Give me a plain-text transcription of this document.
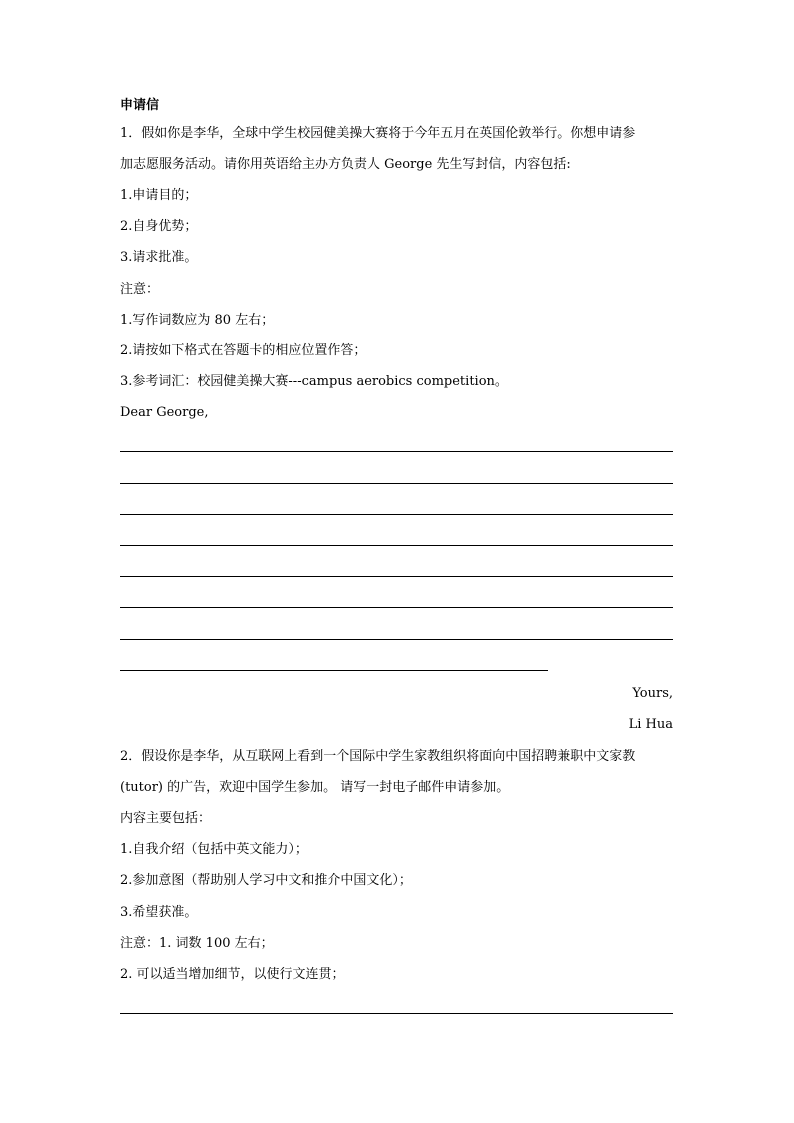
申请信
1．假如你是李华，全球中学生校园健美操大赛将于今年五月在英国伦敦举行。你想申请参
加志愿服务活动。请你用英语给主办方负责人 George 先生写封信，内容包括:
1.申请目的；
2.自身优势；
3.请求批准。
注意：
1.写作词数应为 80 左右；
2.请按如下格式在答题卡的相应位置作答；
3.参考词汇：校园健美操大赛---campus aerobics competition。
Dear George,
Yours,
Li Hua
2．假设你是李华，从互联网上看到一个国际中学生家教组织将面向中国招聘兼职中文家教
(tutor) 的广告，欢迎中国学生参加。 请写一封电子邮件申请参加。
内容主要包括：
1.自我介绍（包括中英文能力）；
2.参加意图（帮助别人学习中文和推介中国文化）；
3.希望获准。
注意：1. 词数 100 左右；
2. 可以适当增加细节，以使行文连贯；
